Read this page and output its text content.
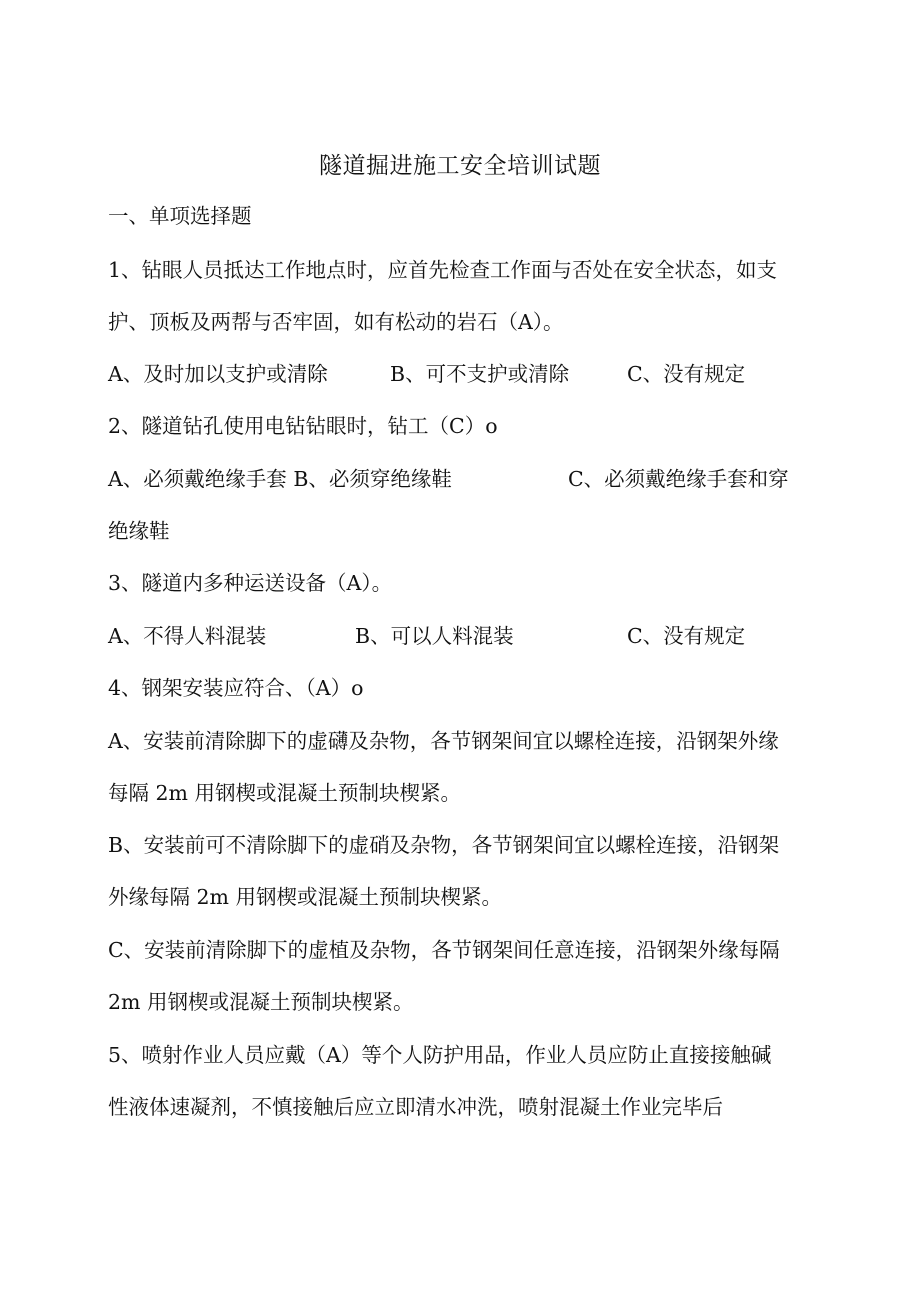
隧道掘进施工安全培训试题
一、单项选择题
1、钻眼人员抵达工作地点时，应首先检查工作面与否处在安全状态，如支
护、顶板及两帮与否牢固，如有松动的岩石（A）。
A、及时加以支护或清除	B、可不支护或清除	C、没有规定
2、隧道钻孔使用电钻钻眼时，钻工（C）o
A、必须戴绝缘手套 B、必须穿绝缘鞋	C、必须戴绝缘手套和穿
绝缘鞋
3、隧道内多种运送设备（A）。
A、不得人料混装	B、可以人料混装	C、没有规定
4、钢架安装应符合、（A）o
A、安装前清除脚下的虚礴及杂物，各节钢架间宜以螺栓连接，沿钢架外缘
每隔 2m 用钢楔或混凝土预制块楔紧。
B、安装前可不清除脚下的虚硝及杂物，各节钢架间宜以螺栓连接，沿钢架
外缘每隔 2m 用钢楔或混凝土预制块楔紧。
C、安装前清除脚下的虚植及杂物，各节钢架间任意连接，沿钢架外缘每隔
2m 用钢楔或混凝土预制块楔紧。
5、喷射作业人员应戴（A）等个人防护用品，作业人员应防止直接接触碱
性液体速凝剂，不慎接触后应立即清水冲洗，喷射混凝土作业完毕后
